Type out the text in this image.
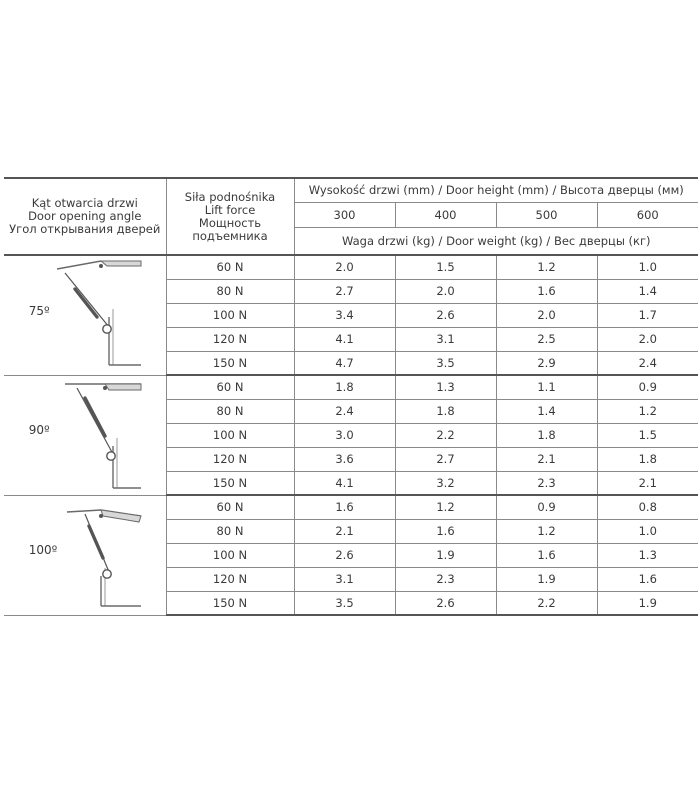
Kąt otwarcia drzwi
Door opening angle
Угол открывания дверей	Siła podnośnika
Lift force
Мощность
подъемника	Wysokość drzwi (mm) / Door height (mm) / Высота дверцы (мм)			
		300	400	500	600
		Waga drzwi (kg) / Door weight (kg) / Вес дверцы (кг)			

75º	60 N	2.0	1.5	1.2	1.0
	80 N	2.7	2.0	1.6	1.4
	100 N	3.4	2.6	2.0	1.7
	120 N	4.1	3.1	2.5	2.0
	150 N	4.7	3.5	2.9	2.4

90º	60 N	1.8	1.3	1.1	0.9
	80 N	2.4	1.8	1.4	1.2
	100 N	3.0	2.2	1.8	1.5
	120 N	3.6	2.7	2.1	1.8
	150 N	4.1	3.2	2.3	2.1

100º	60 N	1.6	1.2	0.9	0.8
	80 N	2.1	1.6	1.2	1.0
	100 N	2.6	1.9	1.6	1.3
	120 N	3.1	2.3	1.9	1.6
	150 N	3.5	2.6	2.2	1.9
